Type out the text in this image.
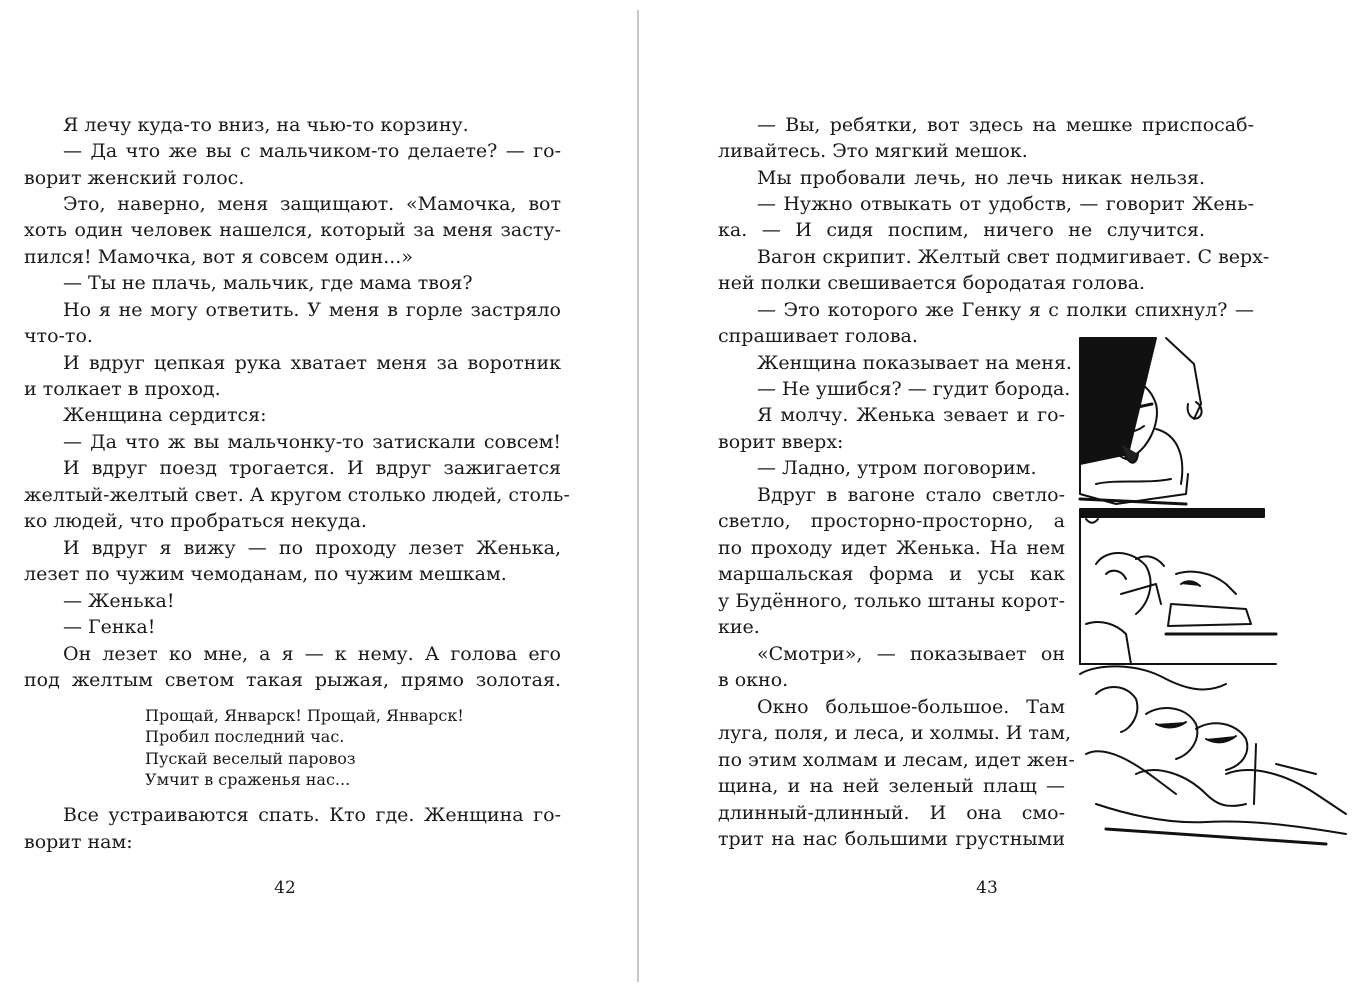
Я лечу куда-то вниз, на чью-то корзину.
— Да что же вы с мальчиком-то делаете? — го-
ворит женский голос.
Это, наверно, меня защищают. «Мамочка, вот
хоть один человек нашелся, который за меня засту-
пился! Мамочка, вот я совсем один...»
— Ты не плачь, мальчик, где мама твоя?
Но я не могу ответить. У меня в горле застряло
что-то.
И вдруг цепкая рука хватает меня за воротник
и толкает в проход.
Женщина сердится:
— Да что ж вы мальчонку-то затискали совсем!
И вдруг поезд трогается. И вдруг зажигается
желтый-желтый свет. А кругом столько людей, столь-
ко людей, что пробраться некуда.
И вдруг я вижу — по проходу лезет Женька,
лезет по чужим чемоданам, по чужим мешкам.
— Женька!
— Генка!
Он лезет ко мне, а я — к нему. А голова его
под желтым светом такая рыжая, прямо золотая.
Прощай, Январск! Прощай, Январск!
Пробил последний час.
Пускай веселый паровоз
Умчит в сраженья нас...
Все устраиваются спать. Кто где. Женщина го-
ворит нам:
42
— Вы, ребятки, вот здесь на мешке приспосаб-
ливайтесь. Это мягкий мешок.
Мы пробовали лечь, но лечь никак нельзя.
— Нужно отвыкать от удобств, — говорит Жень-
ка. — И сидя поспим, ничего не случится.
Вагон скрипит. Желтый свет подмигивает. С верх-
ней полки свешивается бородатая голова.
— Это которого же Генку я с полки спихнул? —
спрашивает голова.
Женщина показывает на меня.
— Не ушибся? — гудит борода.
Я молчу. Женька зевает и го-
ворит вверх:
— Ладно, утром поговорим.
Вдруг в вагоне стало светло-
светло, просторно-просторно, а
по проходу идет Женька. На нем
маршальская форма и усы как
у Будённого, только штаны корот-
кие.
«Смотри», — показывает он
в окно.
Окно большое-большое. Там
луга, поля, и леса, и холмы. И там,
по этим холмам и лесам, идет жен-
щина, и на ней зеленый плащ —
длинный-длинный. И она смо-
трит на нас большими грустными
43
